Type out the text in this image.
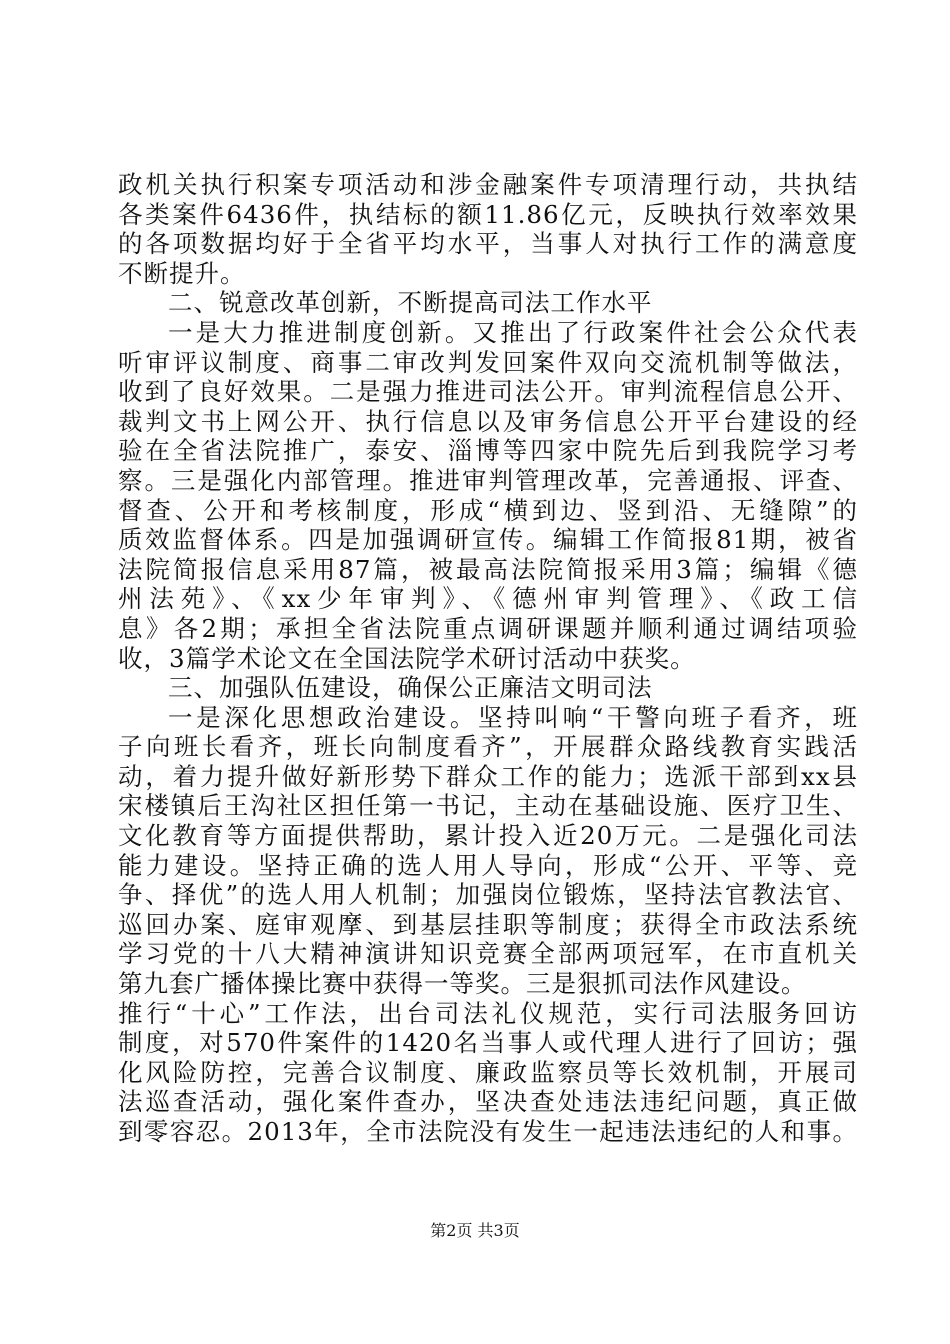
政机关执行积案专项活动和涉金融案件专项清理行动，共执结
各类案件6436件，执结标的额11.86亿元，反映执行效率效果
的各项数据均好于全省平均水平，当事人对执行工作的满意度
不断提升。
二、锐意改革创新，不断提高司法工作水平
一是大力推进制度创新。又推出了行政案件社会公众代表
听审评议制度、商事二审改判发回案件双向交流机制等做法，
收到了良好效果。二是强力推进司法公开。审判流程信息公开、
裁判文书上网公开、执行信息以及审务信息公开平台建设的经
验在全省法院推广，泰安、淄博等四家中院先后到我院学习考
察。三是强化内部管理。推进审判管理改革，完善通报、评查、
督查、公开和考核制度，形成“横到边、竖到沿、无缝隙”的
质效监督体系。四是加强调研宣传。编辑工作简报81期，被省
法院简报信息采用87篇，被最高法院简报采用3篇；编辑《德
州法苑》、《xx少年审判》、《德州审判管理》、《政工信
息》各2期；承担全省法院重点调研课题并顺利通过调结项验
收，3篇学术论文在全国法院学术研讨活动中获奖。
三、加强队伍建设，确保公正廉洁文明司法
一是深化思想政治建设。坚持叫响“干警向班子看齐，班
子向班长看齐，班长向制度看齐”，开展群众路线教育实践活
动，着力提升做好新形势下群众工作的能力；选派干部到xx县
宋楼镇后王沟社区担任第一书记，主动在基础设施、医疗卫生、
文化教育等方面提供帮助，累计投入近20万元。二是强化司法
能力建设。坚持正确的选人用人导向，形成“公开、平等、竞
争、择优”的选人用人机制；加强岗位锻炼，坚持法官教法官、
巡回办案、庭审观摩、到基层挂职等制度；获得全市政法系统
学习党的十八大精神演讲知识竞赛全部两项冠军，在市直机关
第九套广播体操比赛中获得一等奖。三是狠抓司法作风建设。
推行“十心”工作法，出台司法礼仪规范，实行司法服务回访
制度，对570件案件的1420名当事人或代理人进行了回访；强
化风险防控，完善合议制度、廉政监察员等长效机制，开展司
法巡查活动，强化案件查办，坚决查处违法违纪问题，真正做
到零容忍。2013年，全市法院没有发生一起违法违纪的人和事。
第2页 共3页
